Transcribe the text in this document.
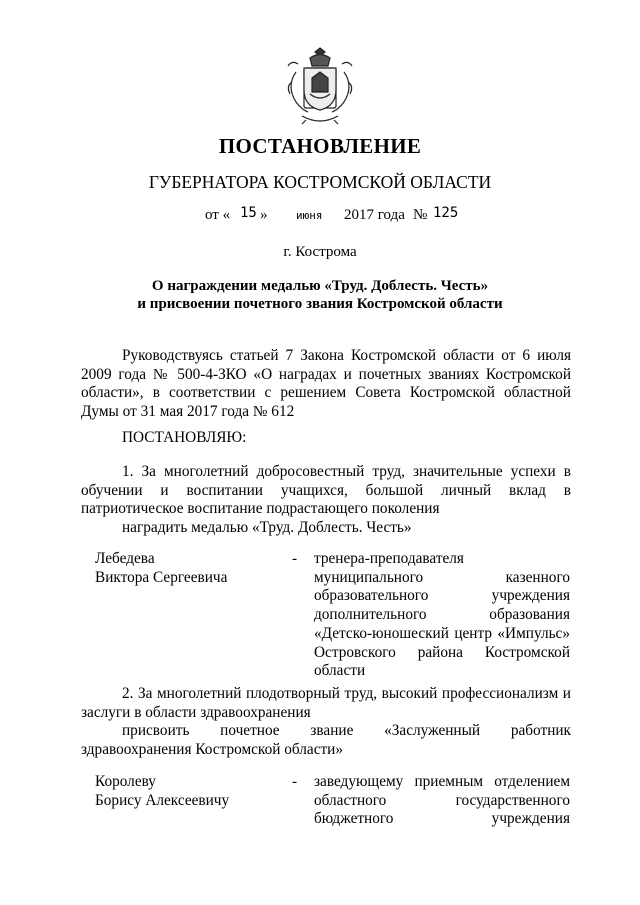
ПОСТАНОВЛЕНИЕ
ГУБЕРНАТОРА КОСТРОМСКОЙ ОБЛАСТИ
от « 15 »	июня 2017 года № 125
г. Кострома
О награждении медалью «Труд. Доблесть. Честь»
и присвоении почетного звания Костромской области
Руководствуясь статьей 7 Закона Костромской области от 6 июля
2009 года № 500-4-ЗКО «О наградах и почетных званиях Костромской
области», в соответствии с решением Совета Костромской областной
Думы от 31 мая 2017 года № 612
ПОСТАНОВЛЯЮ:
1. За многолетний добросовестный труд, значительные успехи в
обучении и воспитании учащихся, большой личный вклад в
патриотическое воспитание подрастающего поколения
наградить медалью «Труд. Доблесть. Честь»
Лебедева
Виктора Сергеевича
- тренера-преподавателя
муниципального казенного
образовательного учреждения
дополнительного образования
«Детско-юношеский центр «Импульс»
Островского района Костромской
области
2. За многолетний плодотворный труд, высокий профессионализм и
заслуги в области здравоохранения
присвоить почетное звание «Заслуженный работник
здравоохранения Костромской области»
Королеву
Борису Алексеевичу
- заведующему приемным отделением
областного государственного
бюджетного учреждения
